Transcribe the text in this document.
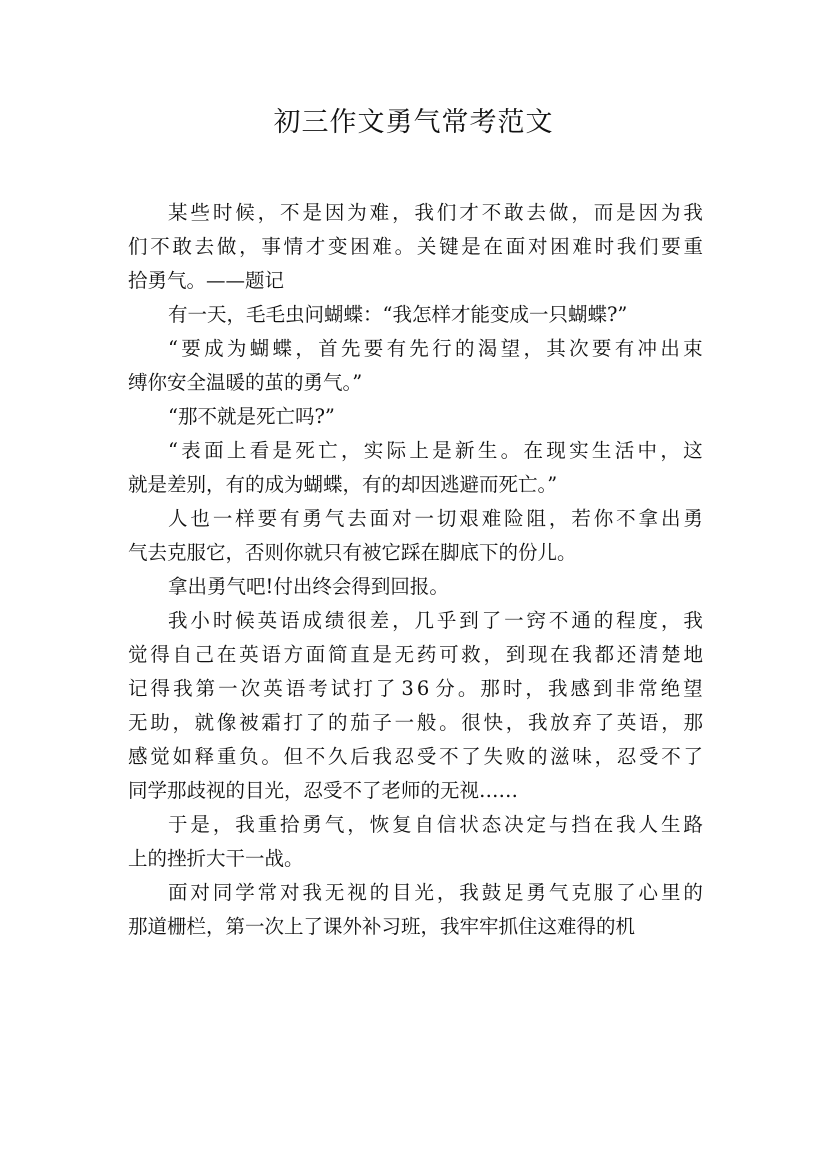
初三作文勇气常考范文
某 些 时 候 ， 不 是 因 为 难 ， 我 们 才 不 敢 去 做 ， 而 是 因 为 我
们 不 敢 去 做 ， 事 情 才 变 困 难 。 关 键 是 在 面 对 困 难 时 我 们 要 重
拾勇气。——题记
有一天，毛毛虫问蝴蝶：“我怎样才能变成一只蝴蝶?”
“ 要 成 为 蝴 蝶 ， 首 先 要 有 先 行 的 渴 望 ， 其 次 要 有 冲 出 束
缚你安全温暖的茧的勇气。”
“那不就是死亡吗?”
“ 表 面 上 看 是 死 亡 ， 实 际 上 是 新 生 。 在 现 实 生 活 中 ， 这
就是差别，有的成为蝴蝶，有的却因逃避而死亡。”
人 也 一 样 要 有 勇 气 去 面 对 一 切 艰 难 险 阻 ， 若 你 不 拿 出 勇
气去克服它，否则你就只有被它踩在脚底下的份儿。
拿出勇气吧!付出终会得到回报。
我 小 时 候 英 语 成 绩 很 差 ， 几 乎 到 了 一 窍 不 通 的 程 度 ， 我
觉 得 自 己 在 英 语 方 面 简 直 是 无 药 可 救 ， 到 现 在 我 都 还 清 楚 地
记 得 我 第 一 次 英 语 考 试 打 了 3 6 分 。 那 时 ， 我 感 到 非 常 绝 望
无 助 ， 就 像 被 霜 打 了 的 茄 子 一 般 。 很 快 ， 我 放 弃 了 英 语 ， 那
感 觉 如 释 重 负 。 但 不 久 后 我 忍 受 不 了 失 败 的 滋 味 ， 忍 受 不 了
同学那歧视的目光，忍受不了老师的无视……
于 是 ， 我 重 拾 勇 气 ， 恢 复 自 信 状 态 决 定 与 挡 在 我 人 生 路
上的挫折大干一战。
面 对 同 学 常 对 我 无 视 的 目 光 ， 我 鼓 足 勇 气 克 服 了 心 里 的
那道栅栏，第一次上了课外补习班，我牢牢抓住这难得的机
